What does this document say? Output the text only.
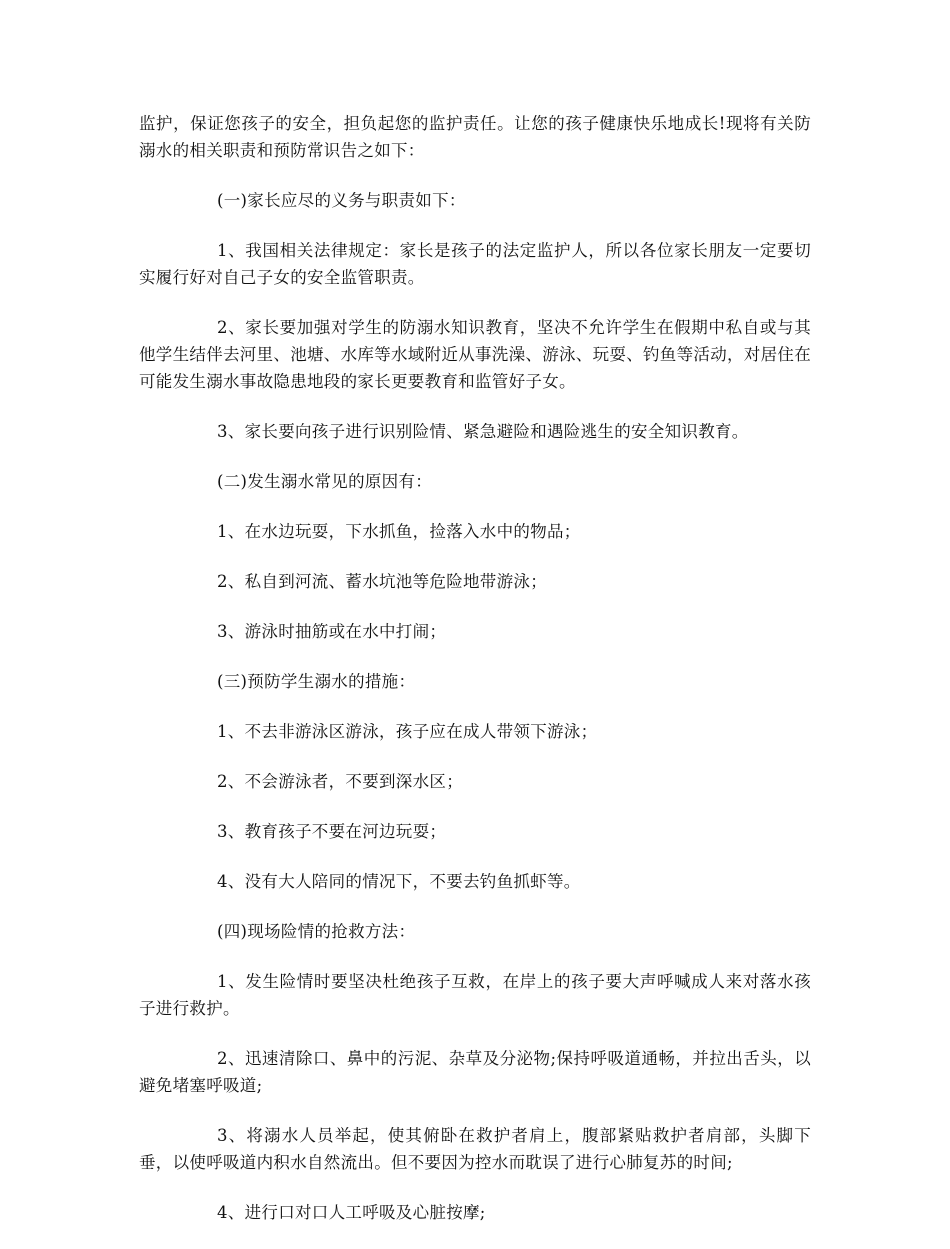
监护，保证您孩子的安全，担负起您的监护责任。让您的孩子健康快乐地成长!现将有关防溺水的相关职责和预防常识告之如下：

(一)家长应尽的义务与职责如下：

1、我国相关法律规定：家长是孩子的法定监护人，所以各位家长朋友一定要切实履行好对自己子女的安全监管职责。

2、家长要加强对学生的防溺水知识教育，坚决不允许学生在假期中私自或与其他学生结伴去河里、池塘、水库等水域附近从事洗澡、游泳、玩耍、钓鱼等活动，对居住在可能发生溺水事故隐患地段的家长更要教育和监管好子女。

3、家长要向孩子进行识别险情、紧急避险和遇险逃生的安全知识教育。

(二)发生溺水常见的原因有：

1、在水边玩耍，下水抓鱼，捡落入水中的物品；

2、私自到河流、蓄水坑池等危险地带游泳；

3、游泳时抽筋或在水中打闹；

(三)预防学生溺水的措施：

1、不去非游泳区游泳，孩子应在成人带领下游泳；

2、不会游泳者，不要到深水区；

3、教育孩子不要在河边玩耍；

4、没有大人陪同的情况下，不要去钓鱼抓虾等。

(四)现场险情的抢救方法：

1、发生险情时要坚决杜绝孩子互救，在岸上的孩子要大声呼喊成人来对落水孩子进行救护。

2、迅速清除口、鼻中的污泥、杂草及分泌物;保持呼吸道通畅，并拉出舌头，以避免堵塞呼吸道;

3、将溺水人员举起，使其俯卧在救护者肩上，腹部紧贴救护者肩部，头脚下垂，以使呼吸道内积水自然流出。但不要因为控水而耽误了进行心肺复苏的时间;

4、进行口对口人工呼吸及心脏按摩;
